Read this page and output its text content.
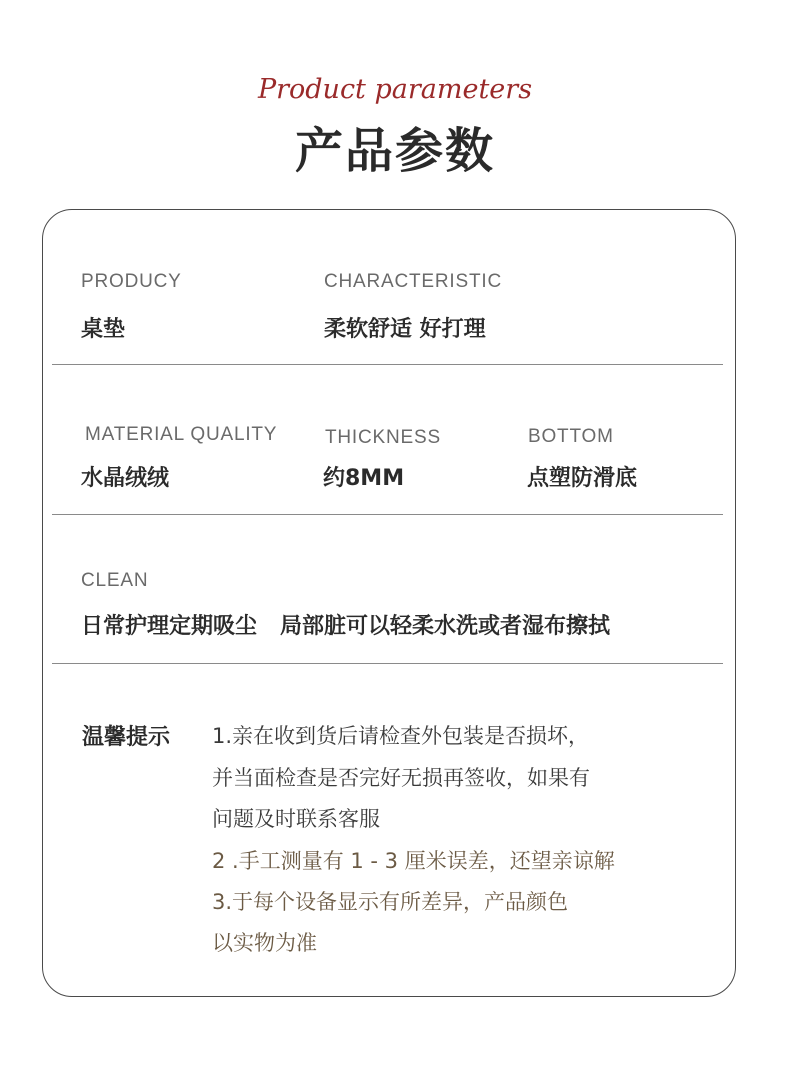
Product parameters
产品参数
PRODUCY
桌垫
CHARACTERISTIC
柔软舒适 好打理
MATERIAL QUALITY
水晶绒绒
THICKNESS
约8MM
BOTTOM
点塑防滑底
CLEAN
日常护理定期吸尘   局部脏可以轻柔水洗或者湿布擦拭
温馨提示 1.亲在收到货后请检查外包装是否损坏，
并当面检查是否完好无损再签收，如果有
问题及时联系客服
2 .手工测量有 1 - 3 厘米误差，还望亲谅解
3.于每个设备显示有所差异，产品颜色
以实物为准
